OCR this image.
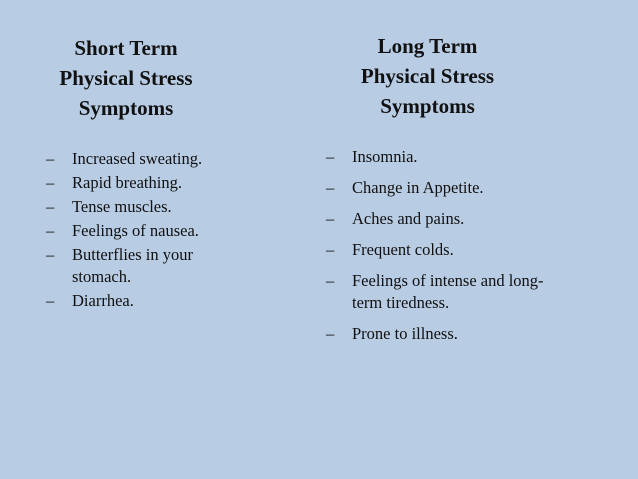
Short Term
Physical Stress
Symptoms
Long Term
Physical Stress
Symptoms
–	Increased sweating.
–	Rapid breathing.
–	Tense muscles.
–	Feelings of nausea.
–	Butterflies in your stomach.
–	Diarrhea.
–	Insomnia.
–	Change in Appetite.
–	Aches and pains.
–	Frequent colds.
–	Feelings of intense and long-term tiredness.
–	Prone to illness.
